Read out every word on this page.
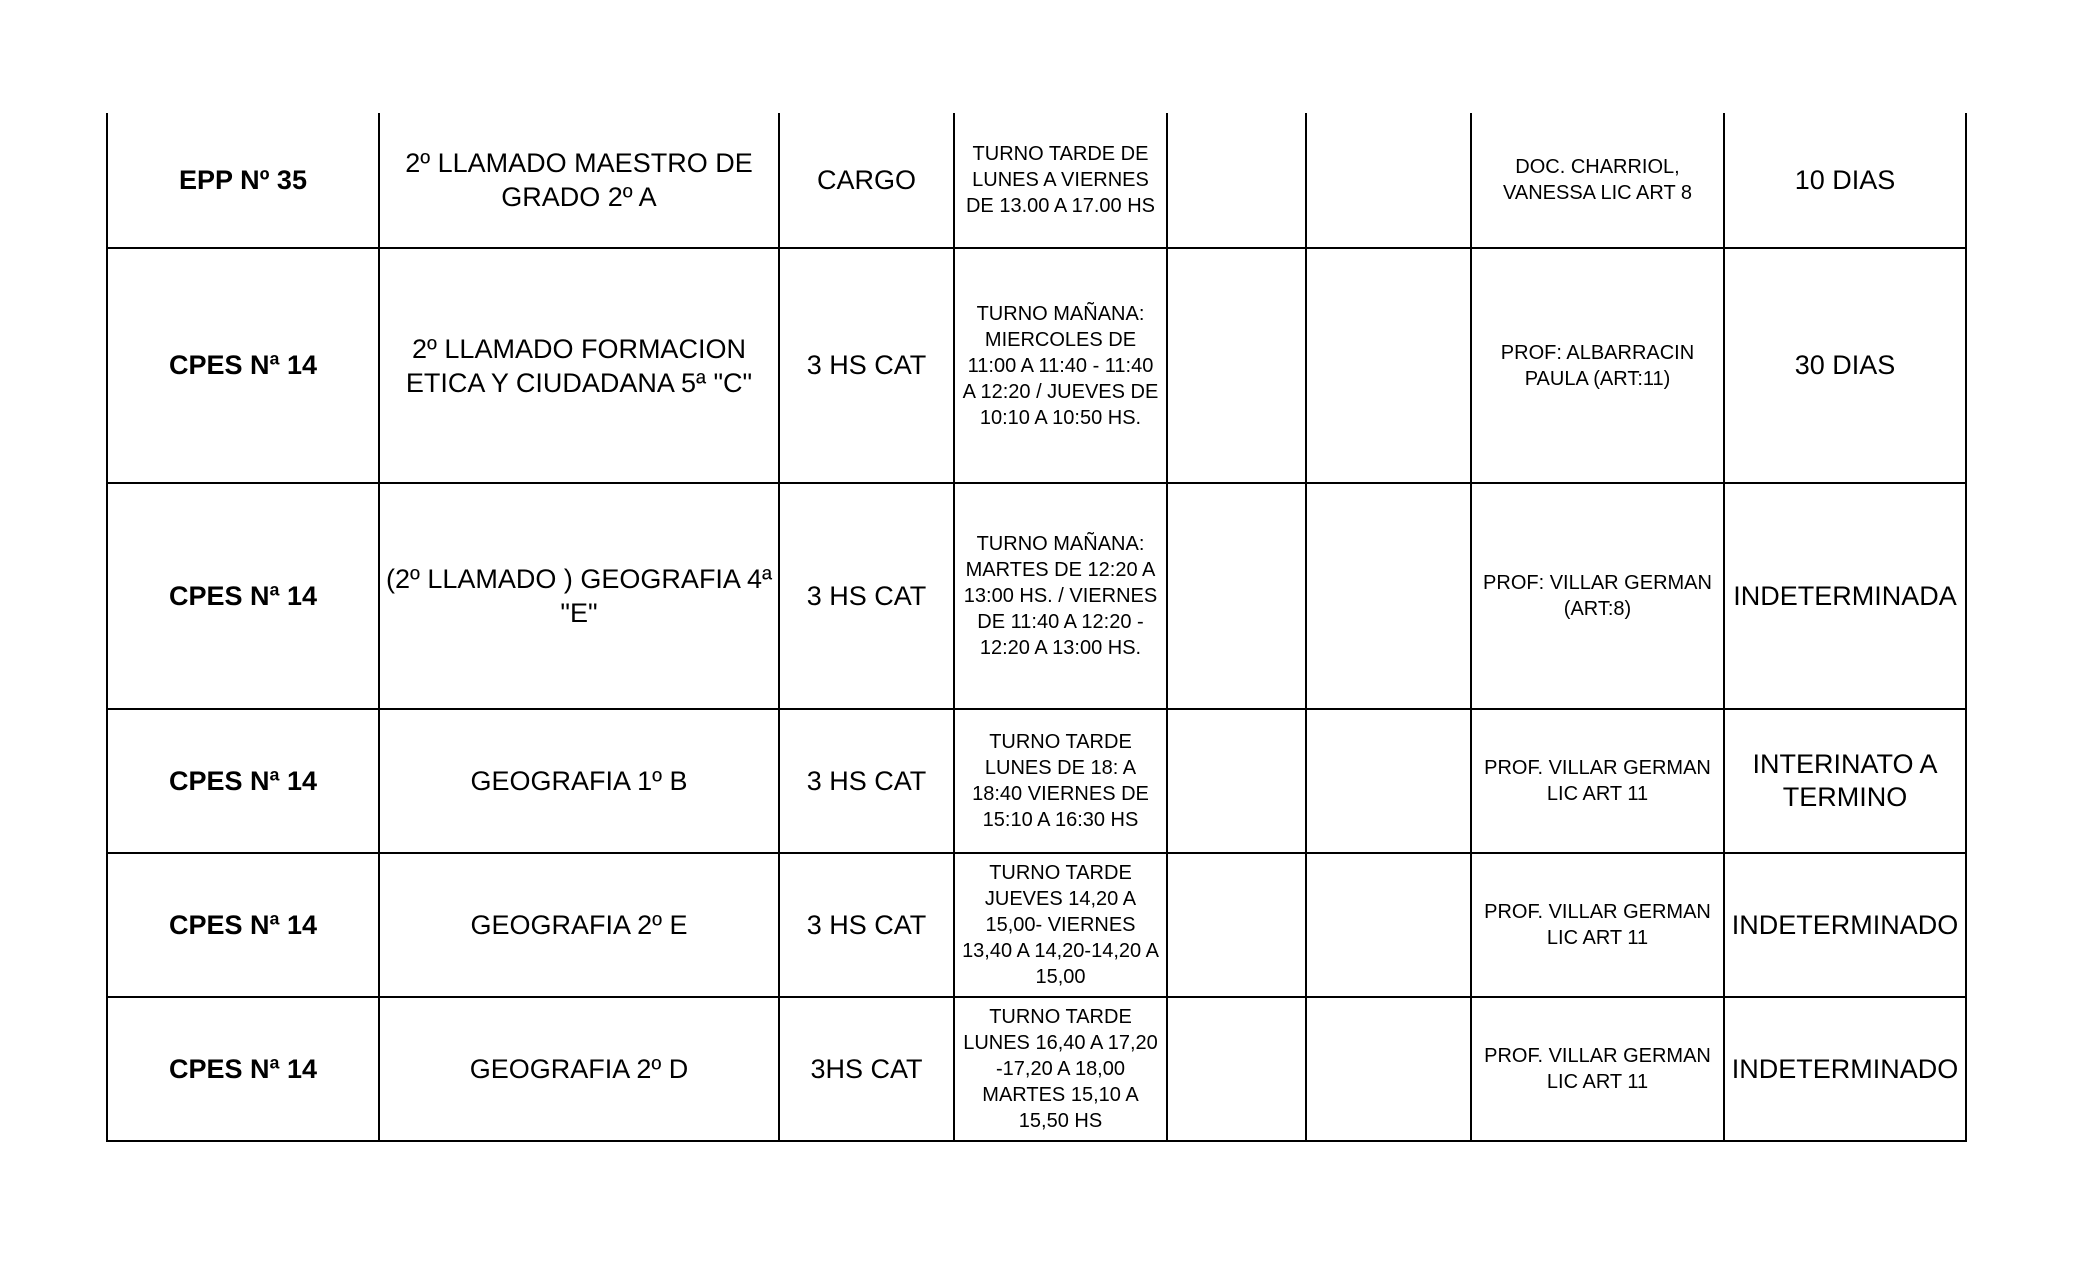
EPP Nº 35	2º LLAMADO MAESTRO DE GRADO 2º A	CARGO	TURNO TARDE DE LUNES A VIERNES DE 13.00 A 17.00 HS			DOC. CHARRIOL, VANESSA LIC ART 8	10 DIAS
CPES Nª 14	2º LLAMADO FORMACION ETICA Y CIUDADANA 5ª "C"	3 HS CAT	TURNO MAÑANA: MIERCOLES DE 11:00 A 11:40 - 11:40 A 12:20 / JUEVES DE 10:10 A 10:50 HS.			PROF: ALBARRACIN PAULA (ART:11)	30 DIAS
CPES Nª 14	(2º LLAMADO ) GEOGRAFIA 4ª "E"	3 HS CAT	TURNO MAÑANA: MARTES DE 12:20 A 13:00 HS. / VIERNES DE 11:40 A 12:20 - 12:20 A 13:00 HS.			PROF: VILLAR GERMAN (ART:8)	INDETERMINADA
CPES Nª 14	GEOGRAFIA 1º B	3 HS CAT	TURNO TARDE LUNES DE 18: A 18:40 VIERNES DE 15:10 A 16:30 HS			PROF. VILLAR GERMAN LIC ART 11	INTERINATO A TERMINO
CPES Nª 14	GEOGRAFIA 2º E	3 HS CAT	TURNO TARDE JUEVES 14,20 A 15,00- VIERNES 13,40 A 14,20-14,20 A 15,00			PROF. VILLAR GERMAN LIC ART 11	INDETERMINADO
CPES Nª 14	GEOGRAFIA 2º D	3HS CAT	TURNO TARDE LUNES 16,40 A 17,20 -17,20 A 18,00 MARTES 15,10 A 15,50 HS			PROF. VILLAR GERMAN LIC ART 11	INDETERMINADO
